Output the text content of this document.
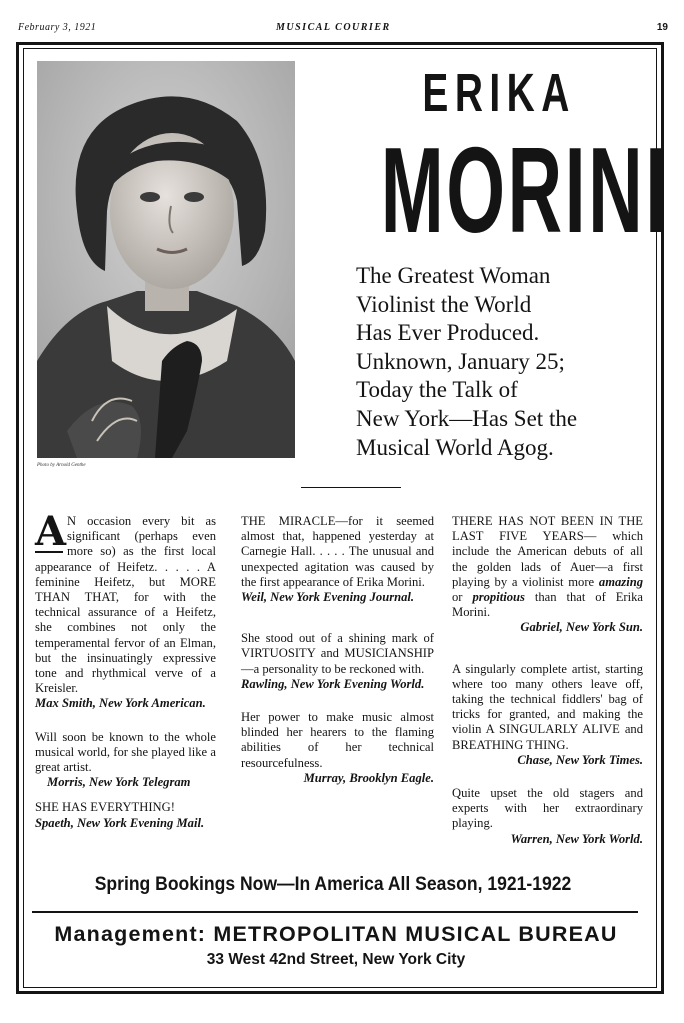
February 3, 1921	MUSICAL COURIER	19
Photo by Arnold Genthe
ERIKA
MORINI
The Greatest Woman
Violinist the World
Has Ever Produced.
Unknown, January 25;
Today the Talk of
New York—Has Set the
Musical World Agog.
A N occasion every bit as significant (perhaps even more so) as the first local appearance of Heifetz. . . . . A feminine Heifetz, but MORE THAN THAT, for with the technical assurance of a Heifetz, she combines not only the temperamental fervor of an Elman, but the insinuatingly expressive tone and rhythmical verve of a Kreisler.
Max Smith, New York American.
Will soon be known to the whole musical world, for she played like a great artist.
Morris, New York Telegram
SHE HAS EVERYTHING!
Spaeth, New York Evening Mail.
THE MIRACLE—for it seemed almost that, happened yesterday at Carnegie Hall. . . . . The unusual and unexpected agitation was caused by the first appearance of Erika Morini.
Weil, New York Evening Journal.
She stood out of a shining mark of VIRTUOSITY and MUSICIANSHIP—a personality to be reckoned with.
Rawling, New York Evening World.
Her power to make music almost blinded her hearers to the flaming abilities of her technical resourcefulness.
Murray, Brooklyn Eagle.
THERE HAS NOT BEEN IN THE LAST FIVE YEARS— which include the American debuts of all the golden lads of Auer—a first playing by a violinist more amazing or propitious than that of Erika Morini.
Gabriel, New York Sun.
A singularly complete artist, starting where too many others leave off, taking the technical fiddlers' bag of tricks for granted, and making the violin A SINGULARLY ALIVE and BREATHING THING.
Chase, New York Times.
Quite upset the old stagers and experts with her extraordinary playing.
Warren, New York World.
Spring Bookings Now—In America All Season, 1921-1922
Management: METROPOLITAN MUSICAL BUREAU
33 West 42nd Street, New York City
